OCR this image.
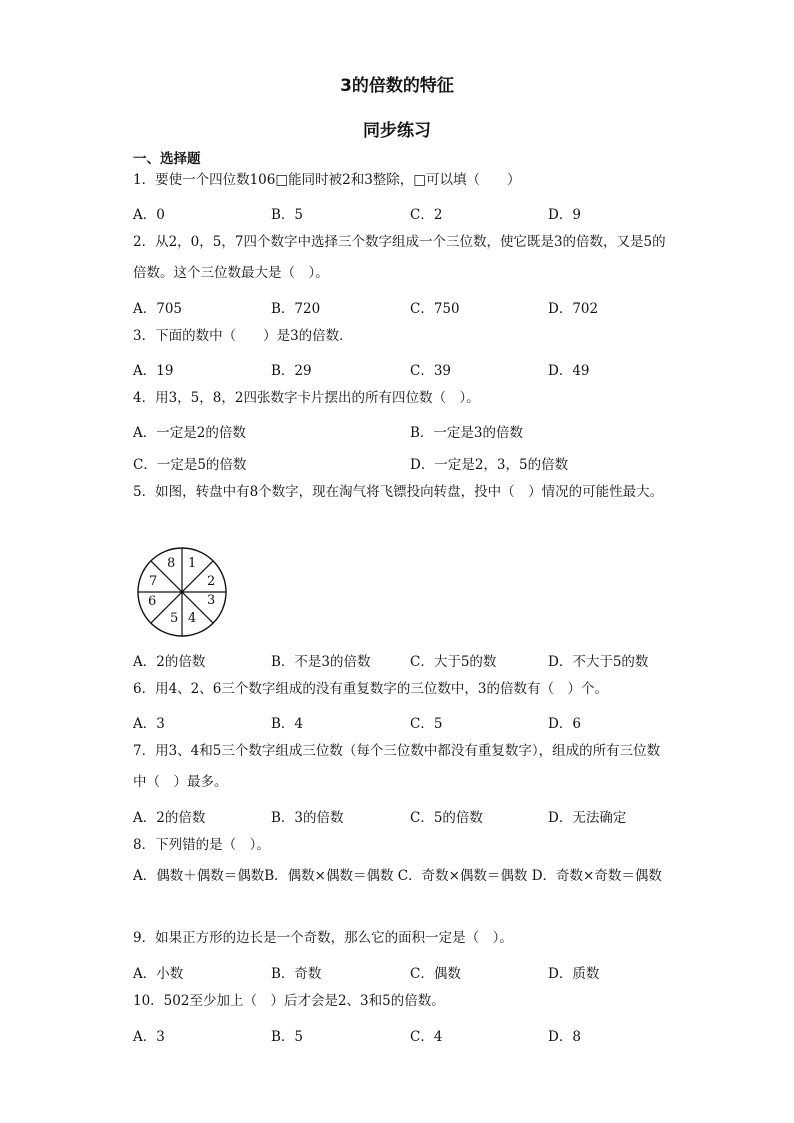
3的倍数的特征
同步练习
一、选择题
1．要使一个四位数106□能同时被2和3整除，□可以填（　　）
A．0	B．5	C．2	D．9
2．从2，0，5，7四个数字中选择三个数字组成一个三位数，使它既是3的倍数，又是5的倍数。这个三位数最大是（　）。
A．705	B．720	C．750	D．702
3．下面的数中（　　）是3的倍数．
A．19	B．29	C．39	D．49
4．用3，5，8，2四张数字卡片摆出的所有四位数（　）。
A．一定是2的倍数	B．一定是3的倍数
C．一定是5的倍数	D．一定是2，3，5的倍数
5．如图，转盘中有8个数字，现在淘气将飞镖投向转盘，投中（　）情况的可能性最大。
8 1
2
3
4
5
6
7
A．2的倍数	B．不是3的倍数	C．大于5的数	D．不大于5的数
6．用4、2、6三个数字组成的没有重复数字的三位数中，3的倍数有（　）个。
A．3	B．4	C．5	D．6
7．用3、4和5三个数字组成三位数（每个三位数中都没有重复数字），组成的所有三位数中（　）最多。
A．2的倍数	B．3的倍数	C．5的倍数	D．无法确定
8．下列错的是（　）。
A．偶数＋偶数＝偶数B．偶数×偶数＝偶数 C．奇数×偶数＝偶数 D．奇数×奇数＝偶数
9．如果正方形的边长是一个奇数，那么它的面积一定是（　）。
A．小数	B．奇数	C．偶数	D．质数
10．502至少加上（　）后才会是2、3和5的倍数。
A．3	B．5	C．4	D．8
